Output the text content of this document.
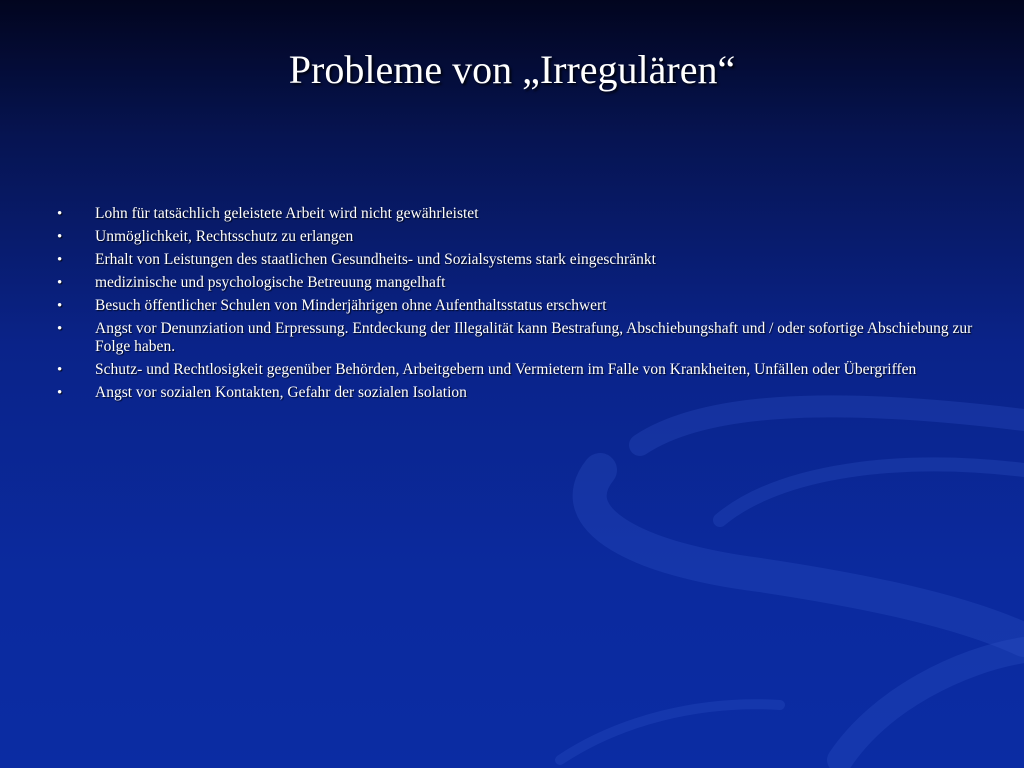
Probleme von „Irregulären“
• Lohn für tatsächlich geleistete Arbeit wird nicht gewährleistet
• Unmöglichkeit, Rechtsschutz zu erlangen
• Erhalt von Leistungen des staatlichen Gesundheits- und Sozialsystems stark eingeschränkt
• medizinische und psychologische Betreuung mangelhaft
• Besuch öffentlicher Schulen von Minderjährigen ohne Aufenthaltsstatus erschwert
• Angst vor Denunziation und Erpressung. Entdeckung der Illegalität kann Bestrafung, Abschiebungshaft und / oder sofortige Abschiebung zur Folge haben.
• Schutz- und Rechtlosigkeit gegenüber Behörden, Arbeitgebern und Vermietern im Falle von Krankheiten, Unfällen oder Übergriffen
• Angst vor sozialen Kontakten, Gefahr der sozialen Isolation
